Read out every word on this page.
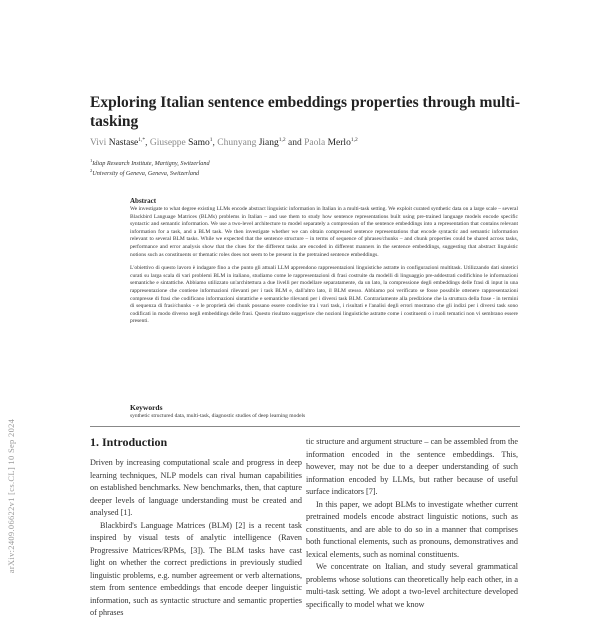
arXiv:2409.06622v1 [cs.CL] 10 Sep 2024
Exploring Italian sentence embeddings properties through multi-tasking
Vivi Nastase$^{1,*}$, Giuseppe Samo$^1$, Chunyang Jiang$^{1,2}$ and Paola Merlo$^{1,2}$
$^1$Idiap Research Institute, Martigny, Switzerland
$^2$University of Geneva, Geneva, Switzerland
Abstract

We investigate to what degree existing LLMs encode abstract linguistic information in Italian in a multi-task setting. We exploit curated synthetic data on a large scale – several Blackbird Language Matrices (BLMs) problems in Italian – and use them to study how sentence representations built using pre-trained language models encode specific syntactic and semantic information. We use a two-level architecture to model separately a compression of the sentence embeddings into a representation that contains relevant information for a task, and a BLM task. We then investigate whether we can obtain compressed sentence representations that encode syntactic and semantic information relevant to several BLM tasks. While we expected that the sentence structure – in terms of sequence of phrases/chunks – and chunk properties could be shared across tasks, performance and error analysis show that the clues for the different tasks are encoded in different manners in the sentence embeddings, suggesting that abstract linguistic notions such as constituents or thematic roles does not seem to be present in the pretrained sentence embeddings.

L'obiettivo di questo lavoro è indagare fino a che punto gli attuali LLM apprendono rappresentazioni linguistiche astratte in configurazioni multitask. Utilizzando dati sintetici curati su larga scala di vari problemi BLM in italiano, studiamo come le rappresentazioni di frasi costruite da modelli di linguaggio pre-addestrati codifichino le informazioni semantiche e sintattiche. Abbiamo utilizzato un'architettura a due livelli per modellare separatamente, da un lato, la compressione degli embeddings delle frasi di input in una rappresentazione che contiene informazioni rilevanti per i task BLM e, dall'altro lato, il BLM stesso. Abbiamo poi verificato se fosse possibile ottenere rappresentazioni compresse di frasi che codificano informazioni sintattiche e semantiche rilevanti per i diversi task BLM. Contrariamente alla predizione che la struttura della frase - in termini di sequenza di frasi/chunks - e le proprietà dei chunk possano essere condivise tra i vari task, i risultati e l'analisi degli errori mostrano che gli indizi per i diversi task sono codificati in modo diverso negli embeddings delle frasi. Questo risultato suggerisce che nozioni linguistiche astratte come i costituenti o i ruoli tematici non vi sembrano essere presenti.

Keywords
synthetic structured data, multi-task, diagnostic studies of deep learning models
1. Introduction

Driven by increasing computational scale and progress in deep learning techniques, NLP models can rival human capabilities on established benchmarks. New benchmarks, then, that capture deeper levels of language understanding must be created and analysed [1].

Blackbird's Language Matrices (BLM) [2] is a recent task inspired by visual tests of analytic intelligence (Raven Progressive Matrices/RPMs, [3]). The BLM tasks have cast light on whether the correct predictions in previously studied linguistic problems, e.g. number agreement or verb alternations, stem from sentence embeddings that encode deeper linguistic information, such as syntactic structure and semantic properties of phrases

tic structure and argument structure – can be assembled from the information encoded in the sentence embeddings. This, however, may not be due to a deeper understanding of such information encoded by LLMs, but rather because of useful surface indicators [7].

In this paper, we adopt BLMs to investigate whether current pretrained models encode abstract linguistic notions, such as constituents, and are able to do so in a manner that comprises both functional elements, such as pronouns, demonstratives and lexical elements, such as nominal constituents.

We concentrate on Italian, and study several grammatical problems whose solutions can theoretically help each other, in a multi-task setting. We adopt a two-level architecture developed specifically to model what we know
